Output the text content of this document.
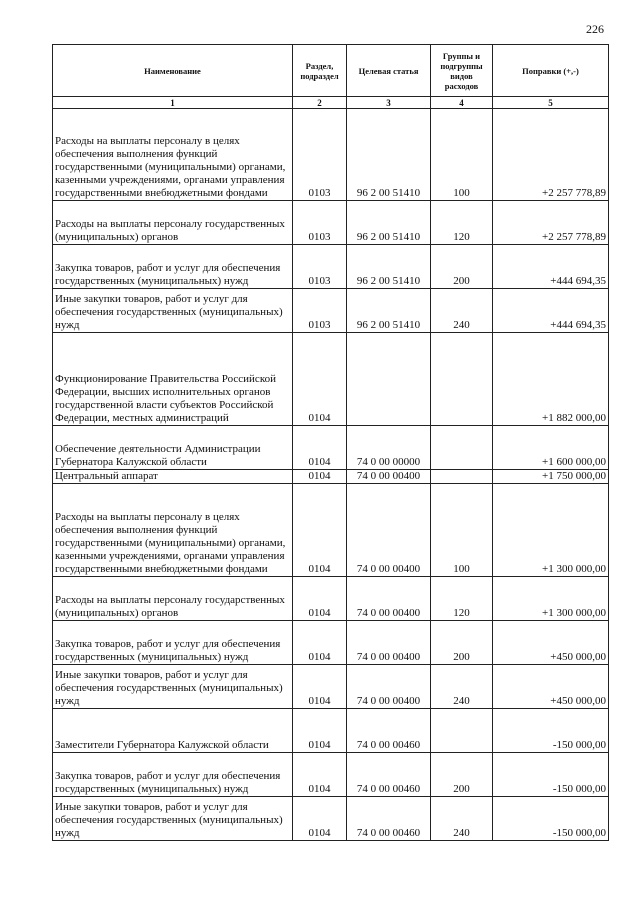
226
Наименование	Раздел, подраздел	Целевая статья	Группы и подгруппы видов расходов	Поправки (+,-)
1	2	3	4	5
Расходы на выплаты персоналу в целях обеспечения выполнения функций государственными (муниципальными) органами, казенными учреждениями, органами управления государственными внебюджетными фондами	0103	96 2 00 51410	100	+2 257 778,89
Расходы на выплаты персоналу государственных (муниципальных) органов	0103	96 2 00 51410	120	+2 257 778,89
Закупка товаров, работ и услуг для обеспечения государственных (муниципальных) нужд	0103	96 2 00 51410	200	+444 694,35
Иные закупки товаров, работ и услуг для обеспечения государственных (муниципальных) нужд	0103	96 2 00 51410	240	+444 694,35
Функционирование Правительства Российской Федерации, высших исполнительных органов государственной власти субъектов Российской Федерации, местных администраций	0104			+1 882 000,00
Обеспечение деятельности Администрации Губернатора Калужской области	0104	74 0 00 00000		+1 600 000,00
Центральный аппарат	0104	74 0 00 00400		+1 750 000,00
Расходы на выплаты персоналу в целях обеспечения выполнения функций государственными (муниципальными) органами, казенными учреждениями, органами управления государственными внебюджетными фондами	0104	74 0 00 00400	100	+1 300 000,00
Расходы на выплаты персоналу государственных (муниципальных) органов	0104	74 0 00 00400	120	+1 300 000,00
Закупка товаров, работ и услуг для обеспечения государственных (муниципальных) нужд	0104	74 0 00 00400	200	+450 000,00
Иные закупки товаров, работ и услуг для обеспечения государственных (муниципальных) нужд	0104	74 0 00 00400	240	+450 000,00
Заместители Губернатора Калужской области	0104	74 0 00 00460		-150 000,00
Закупка товаров, работ и услуг для обеспечения государственных (муниципальных) нужд	0104	74 0 00 00460	200	-150 000,00
Иные закупки товаров, работ и услуг для обеспечения государственных (муниципальных) нужд	0104	74 0 00 00460	240	-150 000,00
